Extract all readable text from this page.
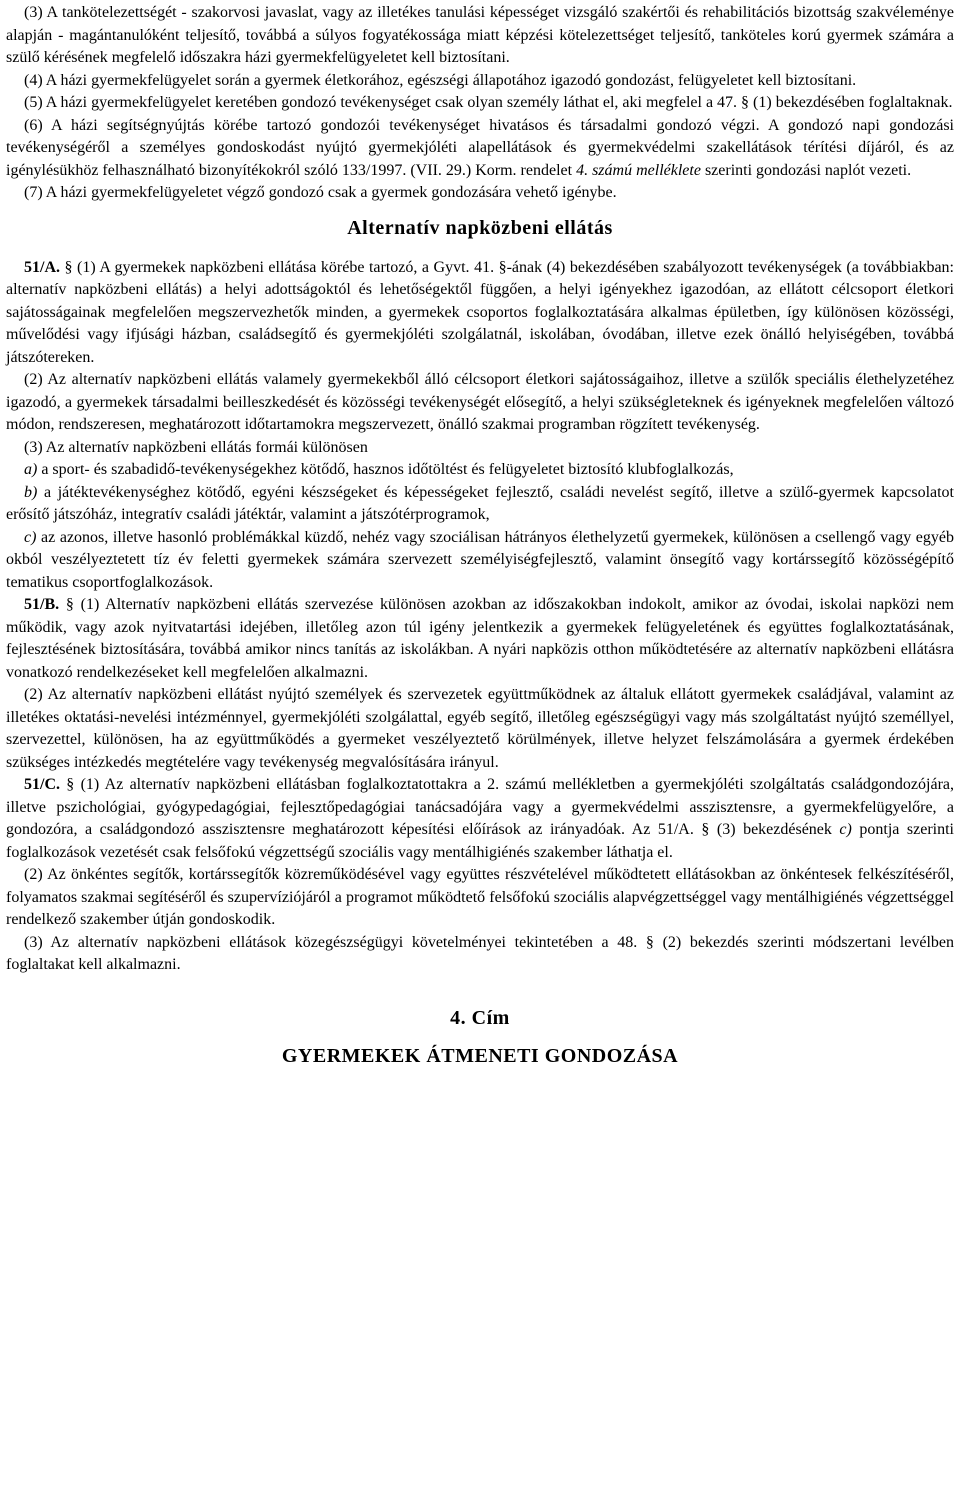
(3) A tankötelezettségét - szakorvosi javaslat, vagy az illetékes tanulási képességet vizsgáló szakértői és rehabilitációs bizottság szakvéleménye alapján - magántanulóként teljesítő, továbbá a súlyos fogyatékossága miatt képzési kötelezettséget teljesítő, tanköteles korú gyermek számára a szülő kérésének megfelelő időszakra házi gyermekfelügyeletet kell biztosítani.

(4) A házi gyermekfelügyelet során a gyermek életkorához, egészségi állapotához igazodó gondozást, felügyeletet kell biztosítani.

(5) A házi gyermekfelügyelet keretében gondozó tevékenységet csak olyan személy láthat el, aki megfelel a 47. § (1) bekezdésében foglaltaknak.

(6) A házi segítségnyújtás körébe tartozó gondozói tevékenységet hivatásos és társadalmi gondozó végzi. A gondozó napi gondozási tevékenységéről a személyes gondoskodást nyújtó gyermekjóléti alapellátások és gyermekvédelmi szakellátások térítési díjáról, és az igénylésükhöz felhasználható bizonyítékokról szóló 133/1997. (VII. 29.) Korm. rendelet 4. számú melléklete szerinti gondozási naplót vezeti.

(7) A házi gyermekfelügyeletet végző gondozó csak a gyermek gondozására vehető igénybe.

Alternatív napközbeni ellátás

51/A. § (1) A gyermekek napközbeni ellátása körébe tartozó, a Gyvt. 41. §-ának (4) bekezdésében szabályozott tevékenységek (a továbbiakban: alternatív napközbeni ellátás) a helyi adottságoktól és lehetőségektől függően, a helyi igényekhez igazodóan, az ellátott célcsoport életkori sajátosságainak megfelelően megszervezhetők minden, a gyermekek csoportos foglalkoztatására alkalmas épületben, így különösen közösségi, művelődési vagy ifjúsági házban, családsegítő és gyermekjóléti szolgálatnál, iskolában, óvodában, illetve ezek önálló helyiségében, továbbá játszótereken.

(2) Az alternatív napközbeni ellátás valamely gyermekekből álló célcsoport életkori sajátosságaihoz, illetve a szülők speciális élethelyzetéhez igazodó, a gyermekek társadalmi beilleszkedését és közösségi tevékenységét elősegítő, a helyi szükségleteknek és igényeknek megfelelően változó módon, rendszeresen, meghatározott időtartamokra megszervezett, önálló szakmai programban rögzített tevékenység.

(3) Az alternatív napközbeni ellátás formái különösen

a) a sport- és szabadidő-tevékenységekhez kötődő, hasznos időtöltést és felügyeletet biztosító klubfoglalkozás,

b) a játéktevékenységhez kötődő, egyéni készségeket és képességeket fejlesztő, családi nevelést segítő, illetve a szülő-gyermek kapcsolatot erősítő játszóház, integratív családi játéktár, valamint a játszótérprogramok,

c) az azonos, illetve hasonló problémákkal küzdő, nehéz vagy szociálisan hátrányos élethelyzetű gyermekek, különösen a csellengő vagy egyéb okból veszélyeztetett tíz év feletti gyermekek számára szervezett személyiségfejlesztő, valamint önsegítő vagy kortárssegítő közösségépítő tematikus csoportfoglalkozások.

51/B. § (1) Alternatív napközbeni ellátás szervezése különösen azokban az időszakokban indokolt, amikor az óvodai, iskolai napközi nem működik, vagy azok nyitvatartási idejében, illetőleg azon túl igény jelentkezik a gyermekek felügyeletének és együttes foglalkoztatásának, fejlesztésének biztosítására, továbbá amikor nincs tanítás az iskolákban. A nyári napközis otthon működtetésére az alternatív napközbeni ellátásra vonatkozó rendelkezéseket kell megfelelően alkalmazni.

(2) Az alternatív napközbeni ellátást nyújtó személyek és szervezetek együttműködnek az általuk ellátott gyermekek családjával, valamint az illetékes oktatási-nevelési intézménnyel, gyermekjóléti szolgálattal, egyéb segítő, illetőleg egészségügyi vagy más szolgáltatást nyújtó személlyel, szervezettel, különösen, ha az együttműködés a gyermeket veszélyeztető körülmények, illetve helyzet felszámolására a gyermek érdekében szükséges intézkedés megtételére vagy tevékenység megvalósítására irányul.

51/C. § (1) Az alternatív napközbeni ellátásban foglalkoztatottakra a 2. számú mellékletben a gyermekjóléti szolgáltatás családgondozójára, illetve pszichológiai, gyógypedagógiai, fejlesztőpedagógiai tanácsadójára vagy a gyermekvédelmi asszisztensre, a gyermekfelügyelőre, a gondozóra, a családgondozó asszisztensre meghatározott képesítési előírások az irányadóak. Az 51/A. § (3) bekezdésének c) pontja szerinti foglalkozások vezetését csak felsőfokú végzettségű szociális vagy mentálhigiénés szakember láthatja el.

(2) Az önkéntes segítők, kortárssegítők közreműködésével vagy együttes részvételével működtetett ellátásokban az önkéntesek felkészítéséről, folyamatos szakmai segítéséről és szupervíziójáról a programot működtető felsőfokú szociális alapvégzettséggel vagy mentálhigiénés végzettséggel rendelkező szakember útján gondoskodik.

(3) Az alternatív napközbeni ellátások közegészségügyi követelményei tekintetében a 48. § (2) bekezdés szerinti módszertani levélben foglaltakat kell alkalmazni.

4. Cím
GYERMEKEK ÁTMENETI GONDOZÁSA
